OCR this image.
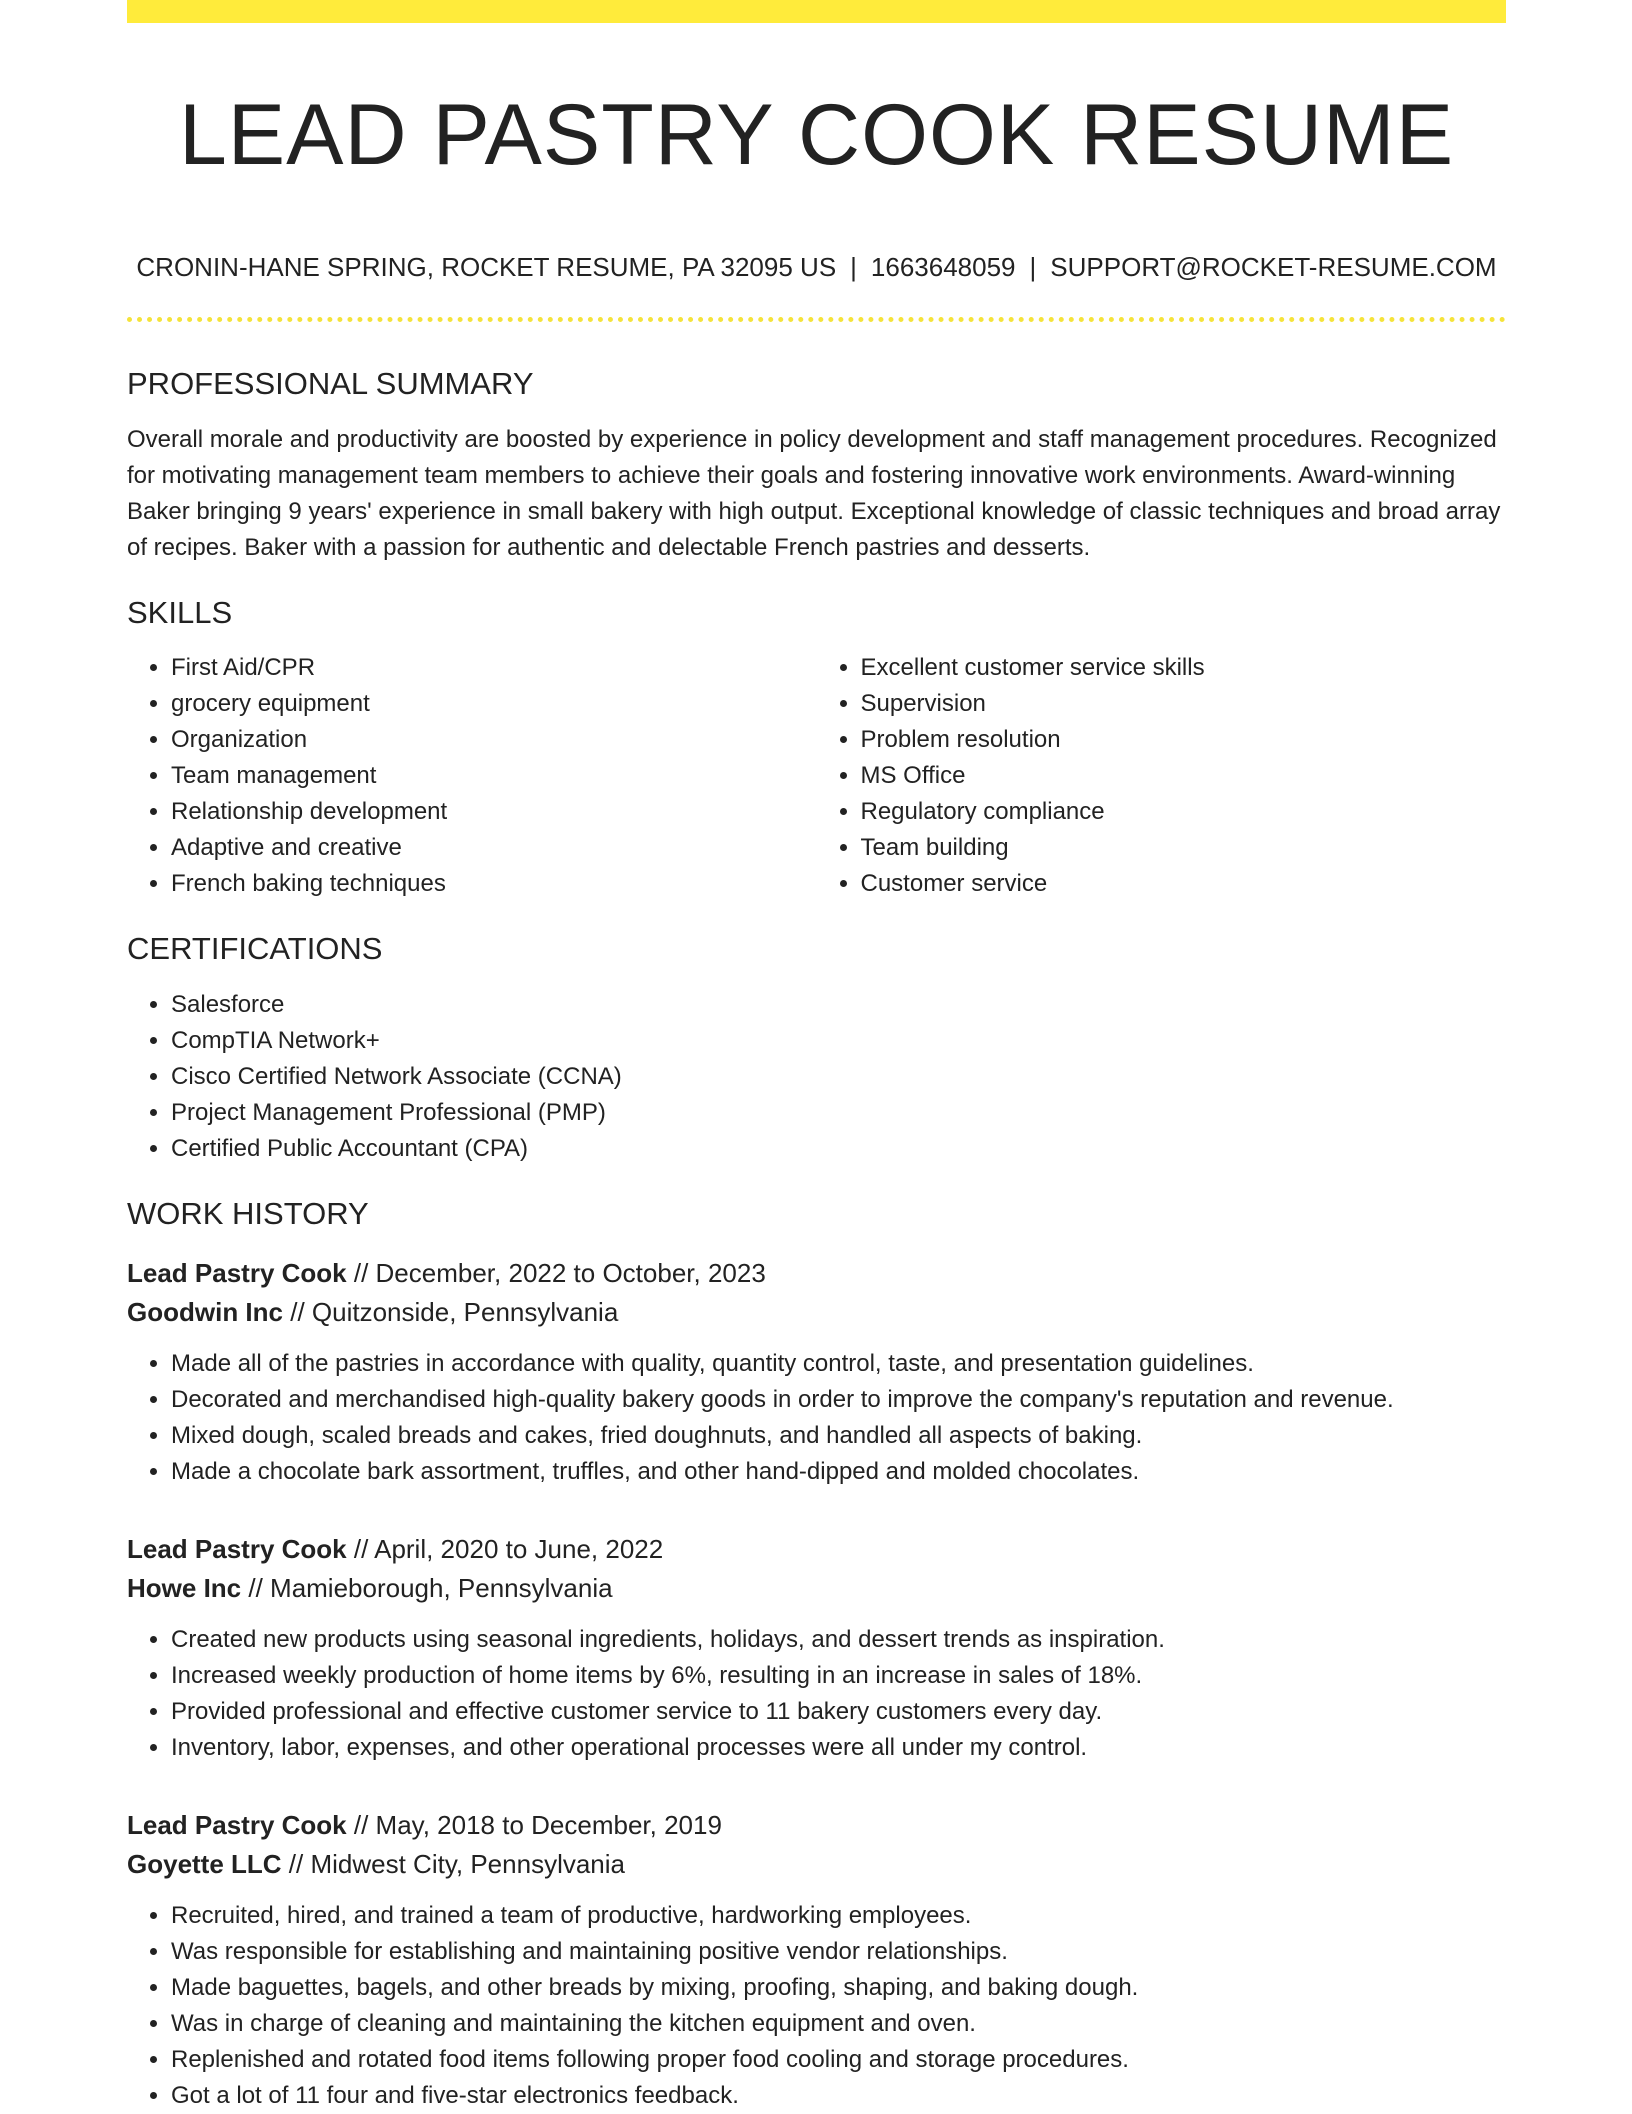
LEAD PASTRY COOK RESUME
CRONIN-HANE SPRING, ROCKET RESUME, PA 32095 US | 1663648059 | SUPPORT@ROCKET-RESUME.COM
PROFESSIONAL SUMMARY

Overall morale and productivity are boosted by experience in policy development and staff management procedures. Recognized for motivating management team members to achieve their goals and fostering innovative work environments. Award-winning Baker bringing 9 years' experience in small bakery with high output. Exceptional knowledge of classic techniques and broad array of recipes. Baker with a passion for authentic and delectable French pastries and desserts.

SKILLS
• First Aid/CPR
• grocery equipment
• Organization
• Team management
• Relationship development
• Adaptive and creative
• French baking techniques
• Excellent customer service skills
• Supervision
• Problem resolution
• MS Office
• Regulatory compliance
• Team building
• Customer service
CERTIFICATIONS
• Salesforce
• CompTIA Network+
• Cisco Certified Network Associate (CCNA)
• Project Management Professional (PMP)
• Certified Public Accountant (CPA)
WORK HISTORY
Lead Pastry Cook // December, 2022 to October, 2023
Goodwin Inc // Quitzonside, Pennsylvania
• Made all of the pastries in accordance with quality, quantity control, taste, and presentation guidelines.
• Decorated and merchandised high-quality bakery goods in order to improve the company's reputation and revenue.
• Mixed dough, scaled breads and cakes, fried doughnuts, and handled all aspects of baking.
• Made a chocolate bark assortment, truffles, and other hand-dipped and molded chocolates.
Lead Pastry Cook // April, 2020 to June, 2022
Howe Inc // Mamieborough, Pennsylvania
• Created new products using seasonal ingredients, holidays, and dessert trends as inspiration.
• Increased weekly production of home items by 6%, resulting in an increase in sales of 18%.
• Provided professional and effective customer service to 11 bakery customers every day.
• Inventory, labor, expenses, and other operational processes were all under my control.
Lead Pastry Cook // May, 2018 to December, 2019
Goyette LLC // Midwest City, Pennsylvania
• Recruited, hired, and trained a team of productive, hardworking employees.
• Was responsible for establishing and maintaining positive vendor relationships.
• Made baguettes, bagels, and other breads by mixing, proofing, shaping, and baking dough.
• Was in charge of cleaning and maintaining the kitchen equipment and oven.
• Replenished and rotated food items following proper food cooling and storage procedures.
• Got a lot of 11 four and five-star electronics feedback.
